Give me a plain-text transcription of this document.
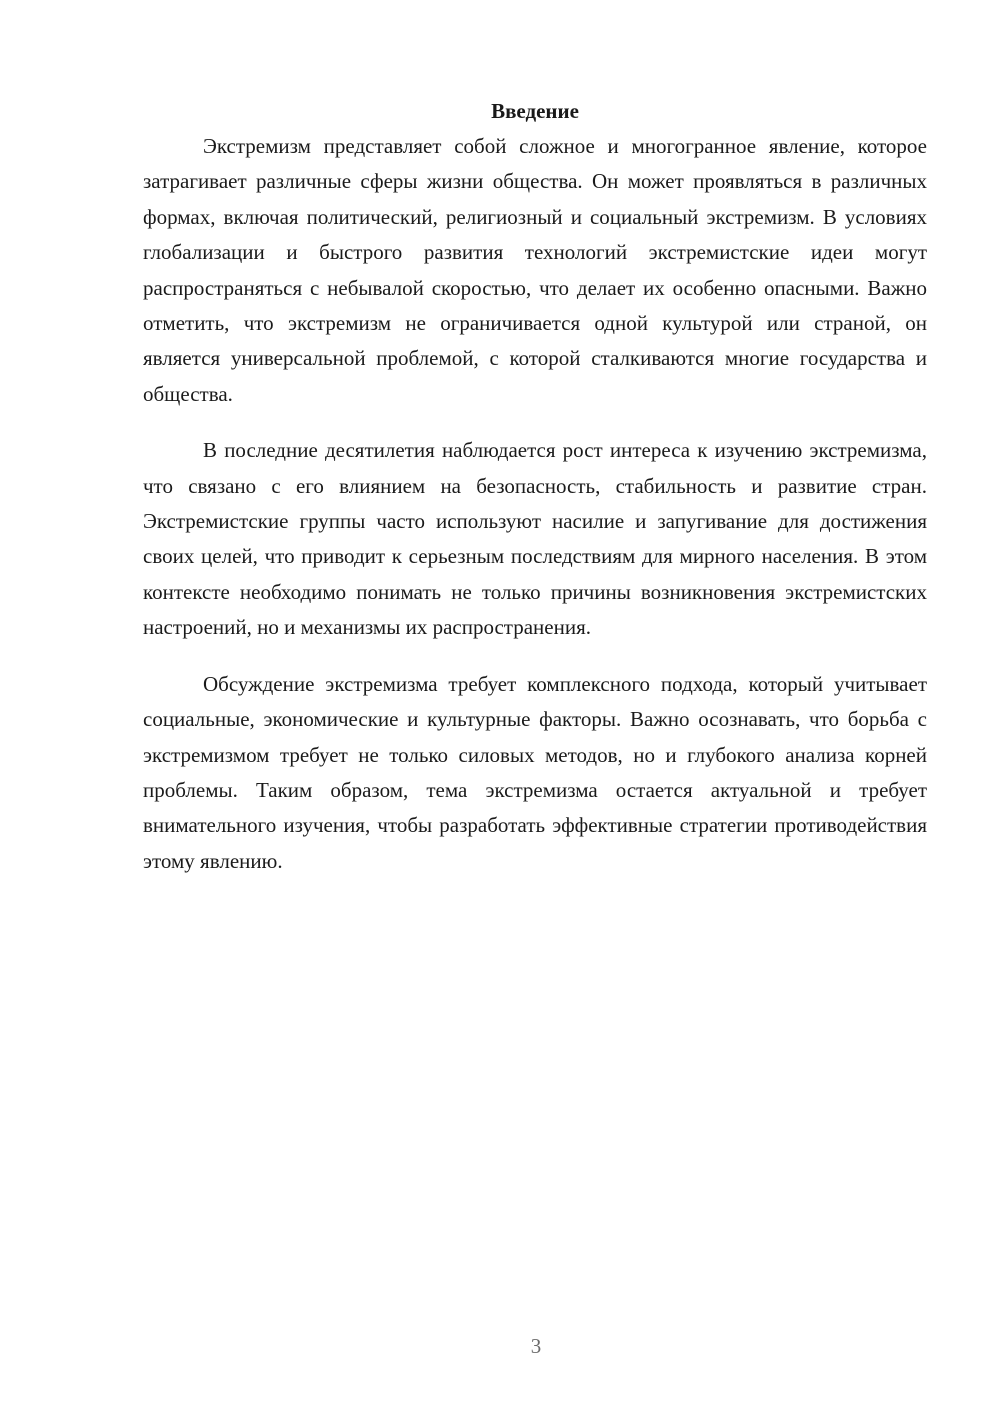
Введение

Экстремизм представляет собой сложное и многогранное явление, которое затрагивает различные сферы жизни общества. Он может проявляться в различных формах, включая политический, религиозный и социальный экстремизм. В условиях глобализации и быстрого развития технологий экстремистские идеи могут распространяться с небывалой скоростью, что делает их особенно опасными. Важно отметить, что экстремизм не ограничивается одной культурой или страной, он является универсальной проблемой, с которой сталкиваются многие государства и общества.

В последние десятилетия наблюдается рост интереса к изучению экстремизма, что связано с его влиянием на безопасность, стабильность и развитие стран. Экстремистские группы часто используют насилие и запугивание для достижения своих целей, что приводит к серьезным последствиям для мирного населения. В этом контексте необходимо понимать не только причины возникновения экстремистских настроений, но и механизмы их распространения.

Обсуждение экстремизма требует комплексного подхода, который учитывает социальные, экономические и культурные факторы. Важно осознавать, что борьба с экстремизмом требует не только силовых методов, но и глубокого анализа корней проблемы. Таким образом, тема экстремизма остается актуальной и требует внимательного изучения, чтобы разработать эффективные стратегии противодействия этому явлению.

3
